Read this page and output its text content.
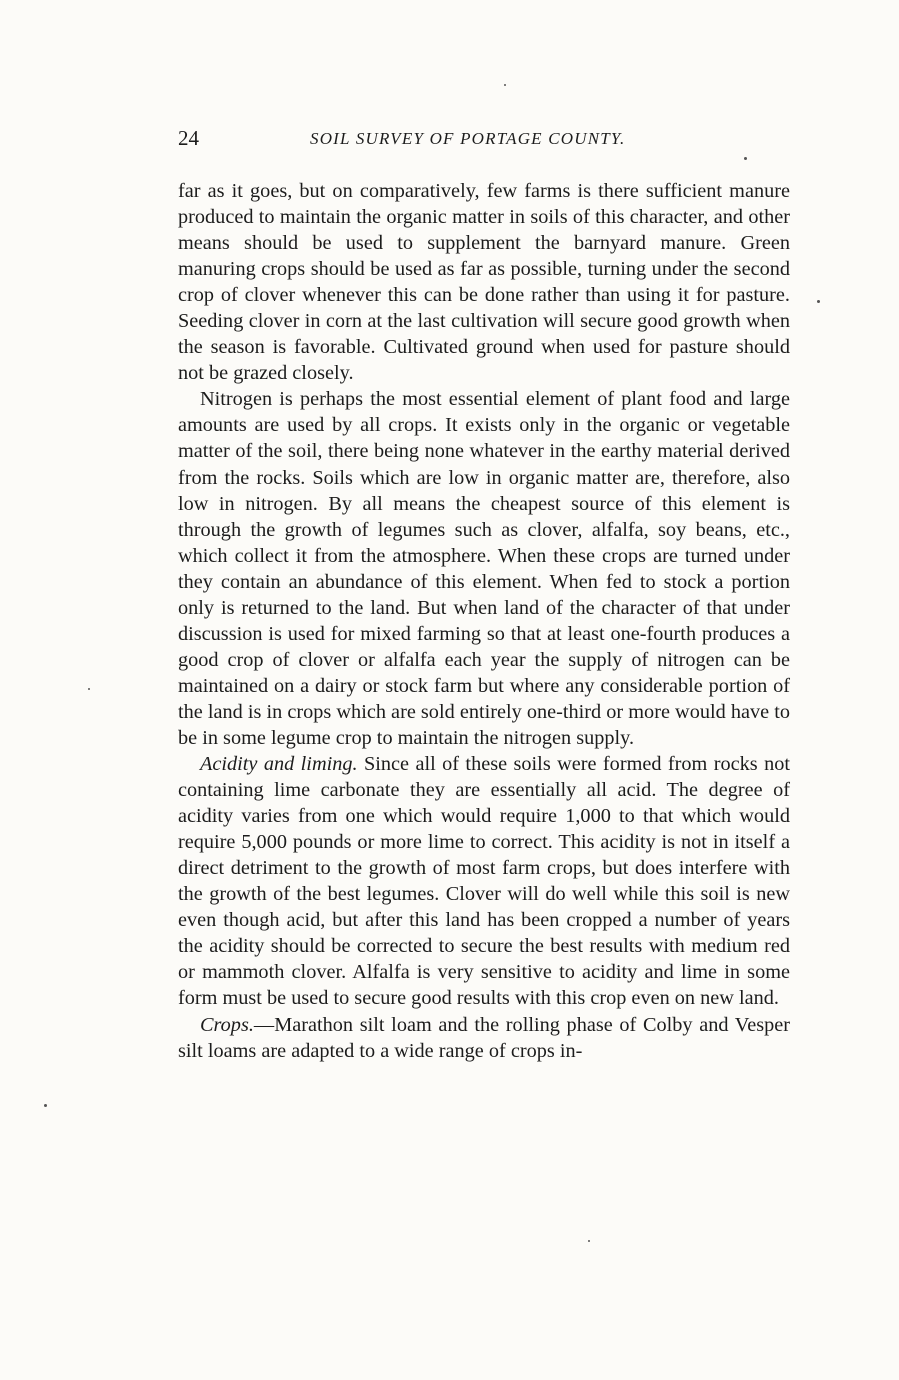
24	SOIL SURVEY OF PORTAGE COUNTY.

far as it goes, but on comparatively, few farms is there sufficient manure produced to maintain the organic matter in soils of this character, and other means should be used to supplement the barnyard manure. Green manuring crops should be used as far as possible, turning under the second crop of clover whenever this can be done rather than using it for pasture. Seeding clover in corn at the last cultivation will secure good growth when the season is favorable. Cultivated ground when used for pasture should not be grazed closely.

Nitrogen is perhaps the most essential element of plant food and large amounts are used by all crops. It exists only in the organic or vegetable matter of the soil, there being none whatever in the earthy material derived from the rocks. Soils which are low in organic matter are, therefore, also low in nitrogen. By all means the cheapest source of this element is through the growth of legumes such as clover, alfalfa, soy beans, etc., which collect it from the atmosphere. When these crops are turned under they contain an abundance of this element. When fed to stock a portion only is returned to the land. But when land of the character of that under discussion is used for mixed farming so that at least one-fourth produces a good crop of clover or alfalfa each year the supply of nitrogen can be maintained on a dairy or stock farm but where any considerable portion of the land is in crops which are sold entirely one-third or more would have to be in some legume crop to maintain the nitrogen supply.

Acidity and liming. Since all of these soils were formed from rocks not containing lime carbonate they are essentially all acid. The degree of acidity varies from one which would require 1,000 to that which would require 5,000 pounds or more lime to correct. This acidity is not in itself a direct detriment to the growth of most farm crops, but does interfere with the growth of the best legumes. Clover will do well while this soil is new even though acid, but after this land has been cropped a number of years the acidity should be corrected to secure the best results with medium red or mammoth clover. Alfalfa is very sensitive to acidity and lime in some form must be used to secure good results with this crop even on new land.

Crops.—Marathon silt loam and the rolling phase of Colby and Vesper silt loams are adapted to a wide range of crops in-
